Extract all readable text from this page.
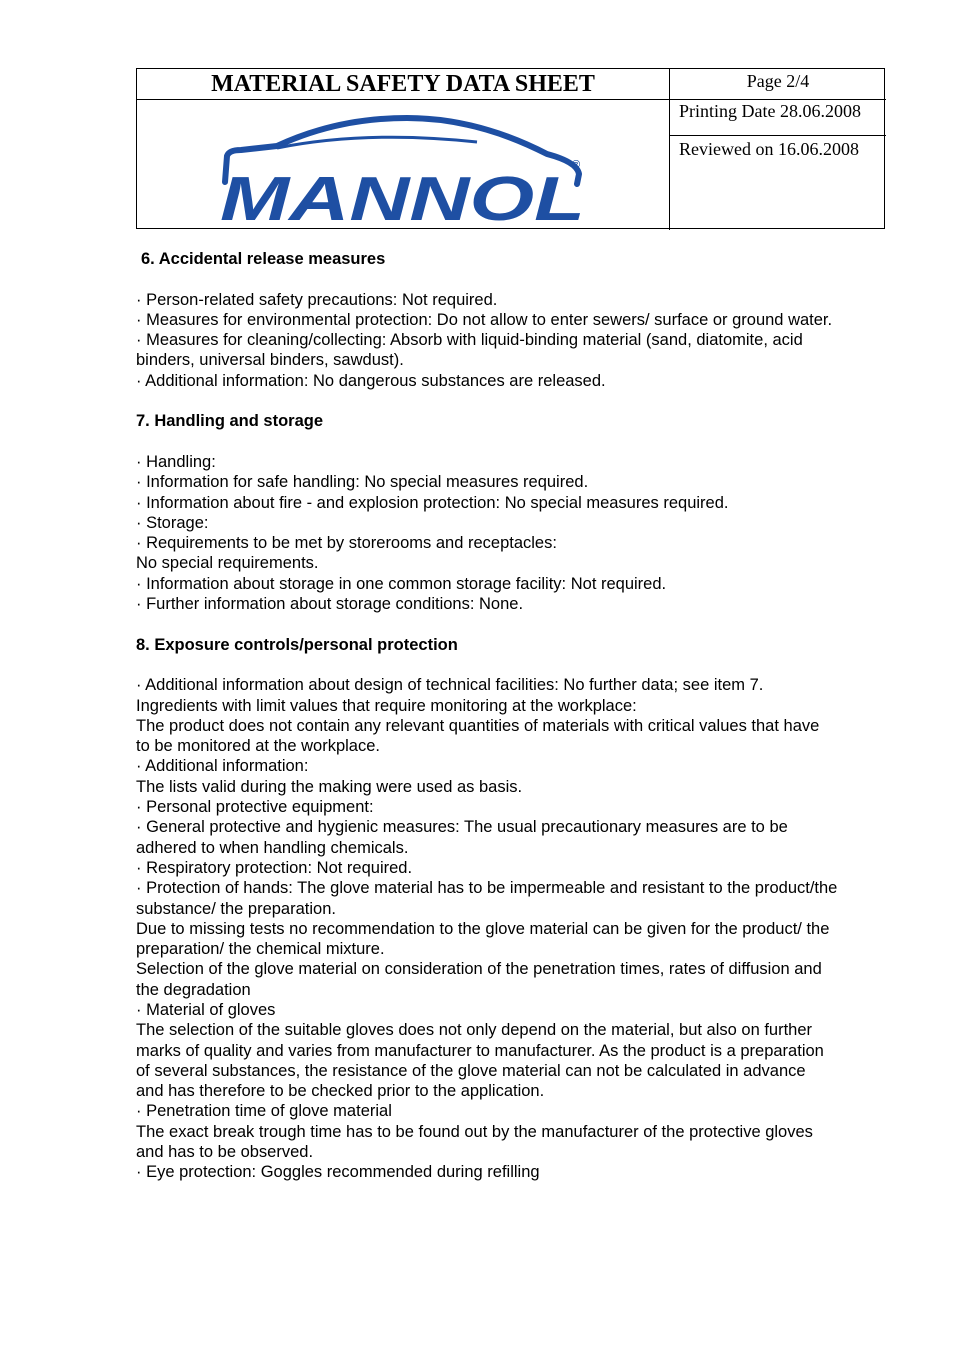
MATERIAL SAFETY DATA SHEET
MANNOL
®
Page 2/4
Printing Date 28.06.2008
Reviewed on 16.06.2008
6. Accidental release measures

· Person-related safety precautions: Not required.

· Measures for environmental protection: Do not allow to enter sewers/ surface or ground water.

· Measures for cleaning/collecting: Absorb with liquid-binding material (sand, diatomite, acid

binders, universal binders, sawdust).

· Additional information: No dangerous substances are released.

7. Handling and storage

· Handling:

· Information for safe handling: No special measures required.

· Information about fire - and explosion protection: No special measures required.

· Storage:

· Requirements to be met by storerooms and receptacles:

No special requirements.

· Information about storage in one common storage facility: Not required.

· Further information about storage conditions: None.

8. Exposure controls/personal protection

· Additional information about design of technical facilities: No further data; see item 7.

Ingredients with limit values that require monitoring at the workplace:

The product does not contain any relevant quantities of materials with critical values that have

to be monitored at the workplace.

· Additional information:

The lists valid during the making were used as basis.

· Personal protective equipment:

· General protective and hygienic measures: The usual precautionary measures are to be

adhered to when handling chemicals.

· Respiratory protection: Not required.

· Protection of hands: The glove material has to be impermeable and resistant to the product/the

substance/ the preparation.

Due to missing tests no recommendation to the glove material can be given for the product/ the

preparation/ the chemical mixture.

Selection of the glove material on consideration of the penetration times, rates of diffusion and

the degradation

· Material of gloves

The selection of the suitable gloves does not only depend on the material, but also on further

marks of quality and varies from manufacturer to manufacturer. As the product is a preparation

of several substances, the resistance of the glove material can not be calculated in advance

and has therefore to be checked prior to the application.

· Penetration time of glove material

The exact break trough time has to be found out by the manufacturer of the protective gloves

and has to be observed.

· Eye protection: Goggles recommended during refilling
